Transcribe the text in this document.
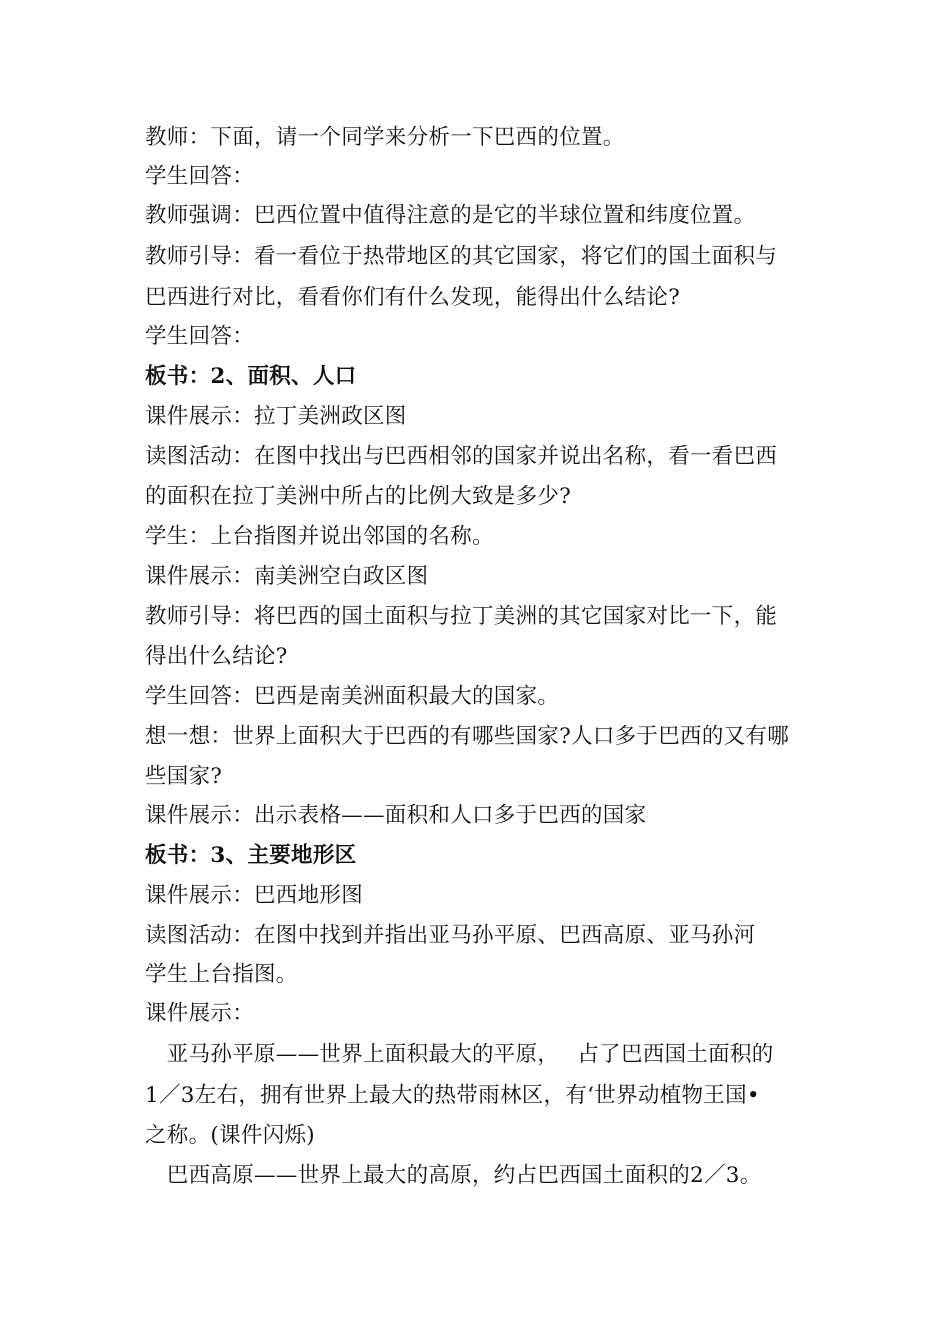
教师：下面，请一个同学来分析一下巴西的位置。
学生回答：
教师强调：巴西位置中值得注意的是它的半球位置和纬度位置。
教师引导：看一看位于热带地区的其它国家，将它们的国土面积与
巴西进行对比，看看你们有什么发现，能得出什么结论?
学生回答：
板书：2、面积、人口
课件展示：拉丁美洲政区图
读图活动：在图中找出与巴西相邻的国家并说出名称，看一看巴西
的面积在拉丁美洲中所占的比例大致是多少?
学生：上台指图并说出邻国的名称。
课件展示：南美洲空白政区图
教师引导：将巴西的国土面积与拉丁美洲的其它国家对比一下，能
得出什么结论?
学生回答：巴西是南美洲面积最大的国家。
想一想：世界上面积大于巴西的有哪些国家?人口多于巴西的又有哪
些国家?
课件展示：出示表格——面积和人口多于巴西的国家
板书：3、主要地形区
课件展示：巴西地形图
读图活动：在图中找到并指出亚马孙平原、巴西高原、亚马孙河
学生上台指图。
课件展示：
　亚马孙平原——世界上面积最大的平原，　 占了巴西国土面积的
1／3左右，拥有世界上最大的热带雨林区，有‘世界动植物王国•
之称。(课件闪烁)
　巴西高原——世界上最大的高原，约占巴西国土面积的2／3。
